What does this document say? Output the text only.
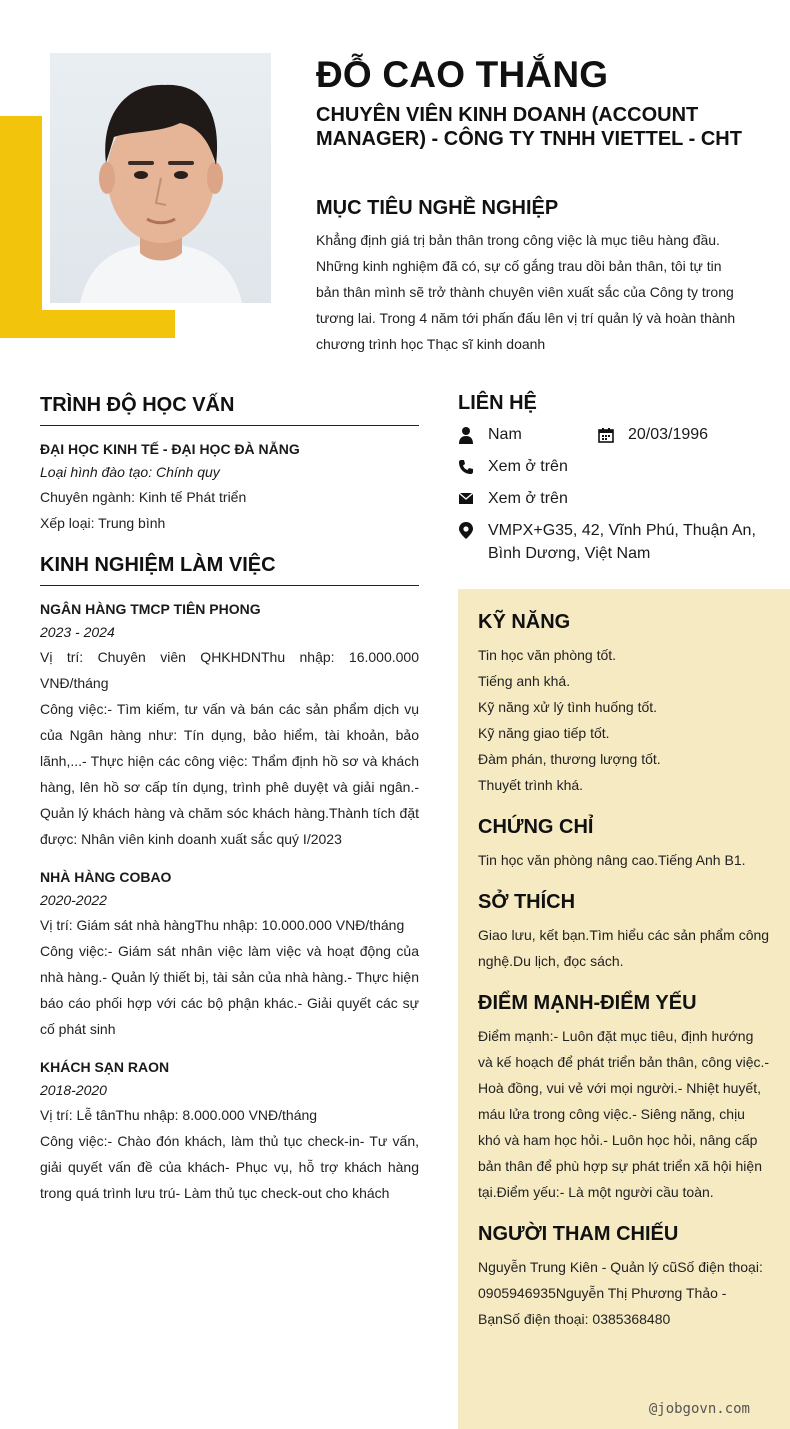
ĐỖ CAO THẮNG
CHUYÊN VIÊN KINH DOANH (ACCOUNT MANAGER) - CÔNG TY TNHH VIETTEL - CHT
MỤC TIÊU NGHỀ NGHIỆP
Khẳng định giá trị bản thân trong công việc là mục tiêu hàng đầu. Những kinh nghiệm đã có, sự cố gắng trau dồi bản thân, tôi tự tin bản thân mình sẽ trở thành chuyên viên xuất sắc của Công ty trong tương lai. Trong 4 năm tới phấn đấu lên vị trí quản lý và hoàn thành chương trình học Thạc sĩ kinh doanh
TRÌNH ĐỘ HỌC VẤN
ĐẠI HỌC KINH TẾ - ĐẠI HỌC ĐÀ NẴNG
Loại hình đào tạo: Chính quy
Chuyên ngành: Kinh tế Phát triển
Xếp loại: Trung bình
KINH NGHIỆM LÀM VIỆC
NGÂN HÀNG TMCP TIÊN PHONG
2023 - 2024
Vị trí: Chuyên viên QHKHDNThu nhập: 16.000.000 VNĐ/tháng
Công việc:- Tìm kiếm, tư vấn và bán các sản phẩm dịch vụ của Ngân hàng như: Tín dụng, bảo hiểm, tài khoản, bảo lãnh,...- Thực hiện các công việc: Thẩm định hồ sơ và khách hàng, lên hồ sơ cấp tín dụng, trình phê duyệt và giải ngân.- Quản lý khách hàng và chăm sóc khách hàng.Thành tích đặt được: Nhân viên kinh doanh xuất sắc quý I/2023
NHÀ HÀNG COBAO
2020-2022
Vị trí: Giám sát nhà hàngThu nhập: 10.000.000 VNĐ/tháng
Công việc:- Giám sát nhân việc làm việc và hoạt động của nhà hàng.- Quản lý thiết bị, tài sản của nhà hàng.- Thực hiện báo cáo phối hợp với các bộ phận khác.- Giải quyết các sự cố phát sinh
KHÁCH SẠN RAON
2018-2020
Vị trí: Lễ tânThu nhập: 8.000.000 VNĐ/tháng
Công việc:- Chào đón khách, làm thủ tục check-in- Tư vấn, giải quyết vấn đề của khách- Phục vụ, hỗ trợ khách hàng trong quá trình lưu trú- Làm thủ tục check-out cho khách
LIÊN HỆ
Nam	20/03/1996
Xem ở trên
Xem ở trên
VMPX+G35, 42, Vĩnh Phú, Thuận An, Bình Dương, Việt Nam
KỸ NĂNG
Tin học văn phòng tốt.
Tiếng anh khá.
Kỹ năng xử lý tình huống tốt.
Kỹ năng giao tiếp tốt.
Đàm phán, thương lượng tốt.
Thuyết trình khá.
CHỨNG CHỈ
Tin học văn phòng nâng cao.Tiếng Anh B1.
SỞ THÍCH
Giao lưu, kết bạn.Tìm hiểu các sản phẩm công nghệ.Du lịch, đọc sách.
ĐIỂM MẠNH-ĐIỂM YẾU
Điểm mạnh:- Luôn đặt mục tiêu, định hướng và kế hoạch để phát triển bản thân, công việc.- Hoà đồng, vui vẻ với mọi người.- Nhiệt huyết, máu lửa trong công việc.- Siêng năng, chịu khó và ham học hỏi.- Luôn học hỏi, nâng cấp bản thân để phù hợp sự phát triển xã hội hiện tại.Điểm yếu:- Là một người cầu toàn.
NGƯỜI THAM CHIẾU
Nguyễn Trung Kiên - Quản lý cũSố điện thoại: 0905946935Nguyễn Thị Phương Thảo - BạnSố điện thoại: 0385368480
@jobgovn.com
